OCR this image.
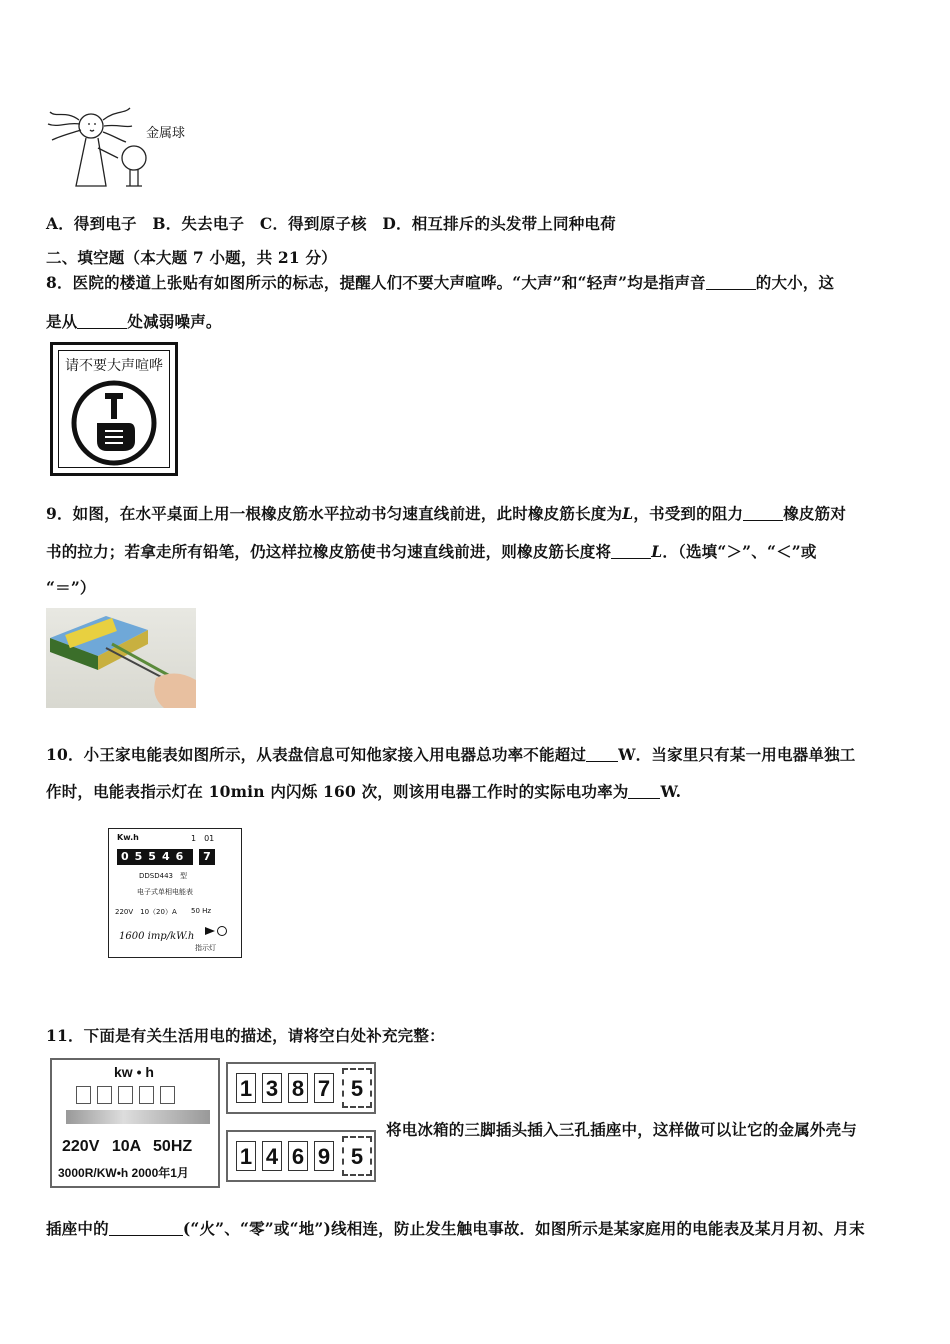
金属球
A．得到电子　B．失去电子　C．得到原子核　D．相互排斥的头发带上同种电荷
二、填空题（本大题 7 小题，共 21 分）
8．医院的楼道上张贴有如图所示的标志，提醒人们不要大声喧哗。“大声”和“轻声”均是指声音	的大小，这
是从	处减弱噪声。
请不要大声喧哗
9．如图，在水平桌面上用一根橡皮筋水平拉动书匀速直线前进，此时橡皮筋长度为L，书受到的阻力	橡皮筋对
书的拉力；若拿走所有铅笔，仍这样拉橡皮筋使书匀速直线前进，则橡皮筋长度将	L．（选填“＞”、“＜”或
“＝”）
10．小王家电能表如图所示，从表盘信息可知他家接入用电器总功率不能超过 W．当家里只有某一用电器单独工
作时，电能表指示灯在 10min 内闪烁 160 次，则该用电器工作时的实际电功率为 W.
Kw.h	1　01
05546	7
DDSD443　型
电子式单相电能表
220V　10（20）A 50 Hz
1600 imp/kW.h
指示灯
11．下面是有关生活用电的描述，请将空白处补充完整：
kw • h
220V 10A 50HZ
3000R/KW•h 2000年1月
1 3 8 7 5
1 4 6 9 5
将电冰箱的三脚插头插入三孔插座中，这样做可以让它的金属外壳与
插座中的	(“火”、“零”或“地”)线相连，防止发生触电事故．如图所示是某家庭用的电能表及某月月初、月末
